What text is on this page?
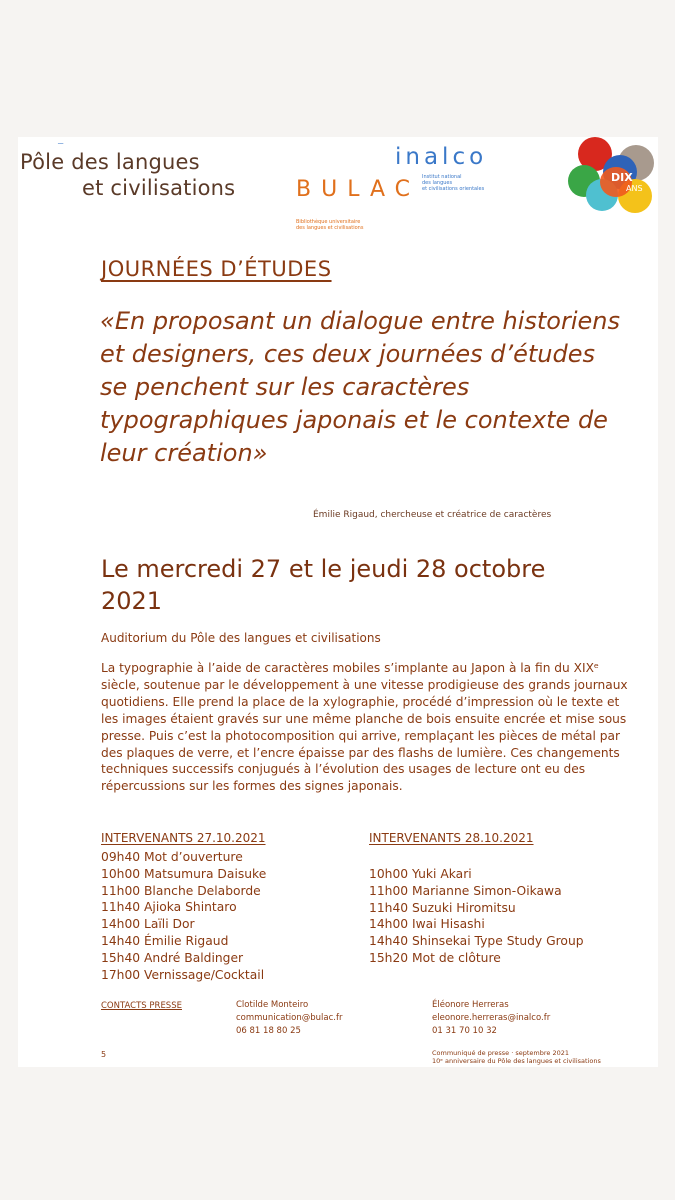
ـــ
Pôle des langues
et civilisations	BULAC
Bibliothèque universitaire
des langues et civilisations
inalco
Institut national
des langues
et civilisations orientales
DIX
ANS
JOURNÉES D’ÉTUDES
«En proposant un dialogue entre historiens et designers, ces deux journées d’études se penchent sur les caractères typographiques japonais et le contexte de leur création»
Émilie Rigaud, chercheuse et créatrice de caractères
Le mercredi 27 et le jeudi 28 octobre 2021
Auditorium du Pôle des langues et civilisations
La typographie à l’aide de caractères mobiles s’implante au Japon à la fin du XIXᵉ siècle, soutenue par le développement à une vitesse prodigieuse des grands journaux quotidiens. Elle prend la place de la xylographie, procédé d’impression où le texte et les images étaient gravés sur une même planche de bois ensuite encrée et mise sous presse. Puis c’est la photocomposition qui arrive, remplaçant les pièces de métal par des plaques de verre, et l’encre épaisse par des flashs de lumière. Ces changements techniques successifs conjugués à l’évolution des usages de lecture ont eu des répercussions sur les formes des signes japonais.
INTERVENANTS 27.10.2021
09h40 Mot d’ouverture
10h00 Matsumura Daisuke
11h00 Blanche Delaborde
11h40 Ajioka Shintaro
14h00 Laïli Dor
14h40 Émilie Rigaud
15h40 André Baldinger
17h00 Vernissage/Cocktail
INTERVENANTS 28.10.2021
10h00 Yuki Akari
11h00 Marianne Simon-Oikawa
11h40 Suzuki Hiromitsu
14h00 Iwai Hisashi
14h40 Shinsekai Type Study Group
15h20 Mot de clôture
CONTACTS PRESSE	Clotilde Monteiro
communication@bulac.fr
06 81 18 80 25
Éléonore Herreras
eleonore.herreras@inalco.fr
01 31 70 10 32
5	Communiqué de presse · septembre 2021
10ᵉ anniversaire du Pôle des langues et civilisations
